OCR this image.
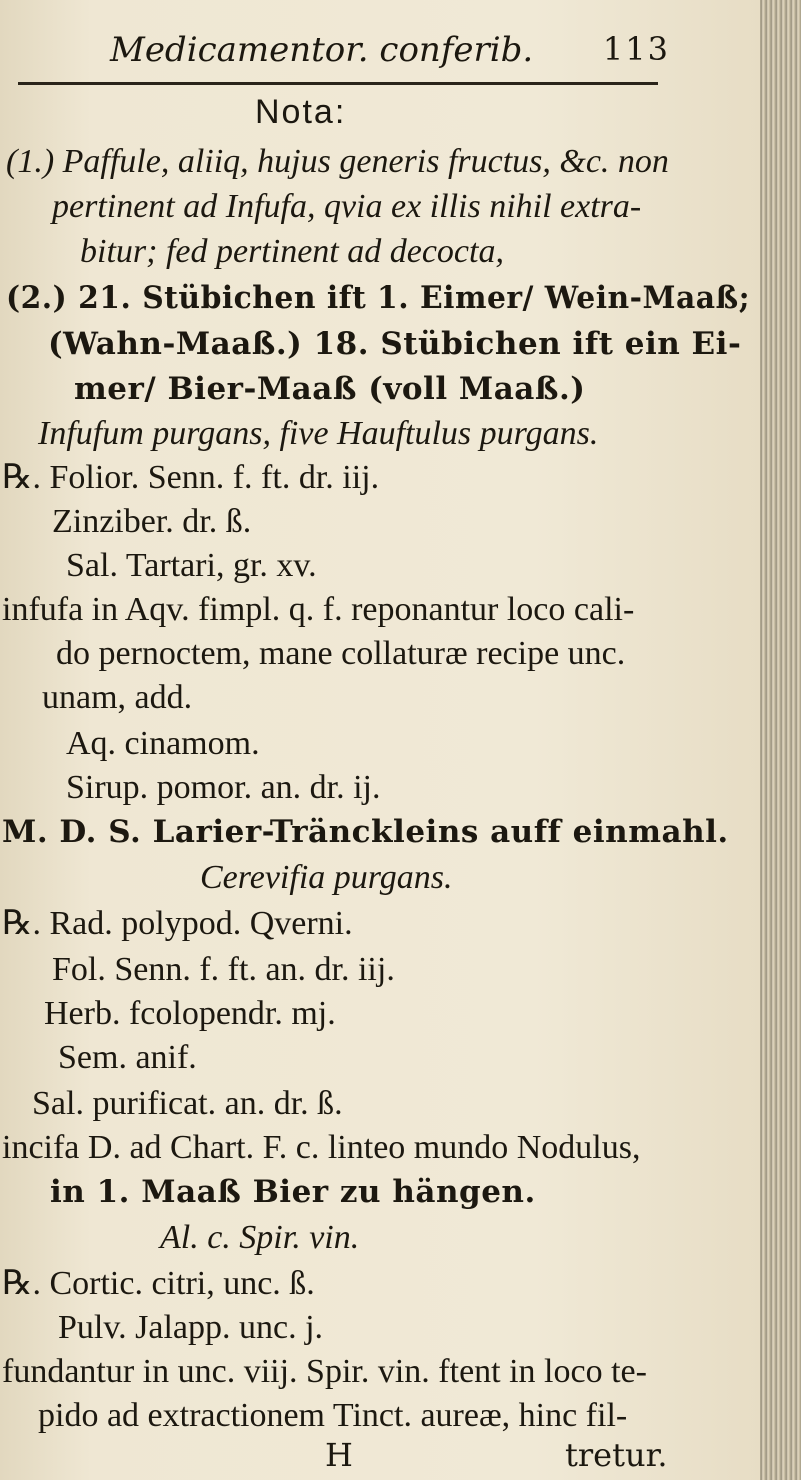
Medicamentor. conferib. 113
Nota:
(1.) Paffule, aliiq, hujus generis fructus, &c. non
pertinent ad Infufa, qvia ex illis nihil extra-
bitur; fed pertinent ad decocta,
(2.) 21. Stübichen ift 1. Eimer/ Wein-Maaß;
(Wahn-Maaß.) 18. Stübichen ift ein Ei-
mer/ Bier-Maaß (voll Maaß.)
Infufum purgans, five Hauftulus purgans.
℞. Folior. Senn. f. ft. dr. iij.
Zinziber. dr. ß.
Sal. Tartari, gr. xv.
infufa in Aqv. fimpl. q. f. reponantur loco cali-
do pernoctem, mane collaturæ recipe unc.
unam, add.
Aq. cinamom.
Sirup. pomor. an. dr. ij.
M. D. S. Larier-Tränckleins auff einmahl.
Cerevifia purgans.
℞. Rad. polypod. Qverni.
Fol. Senn. f. ft. an. dr. iij.
Herb. fcolopendr. mj.
Sem. anif.
Sal. purificat. an. dr. ß.
incifa D. ad Chart. F. c. linteo mundo Nodulus,
in 1. Maaß Bier zu hängen.
Al. c. Spir. vin.
℞. Cortic. citri, unc. ß.
Pulv. Jalapp. unc. j.
fundantur in unc. viij. Spir. vin. ftent in loco te-
pido ad extractionem Tinct. aureæ, hinc fil-
H	tretur.
